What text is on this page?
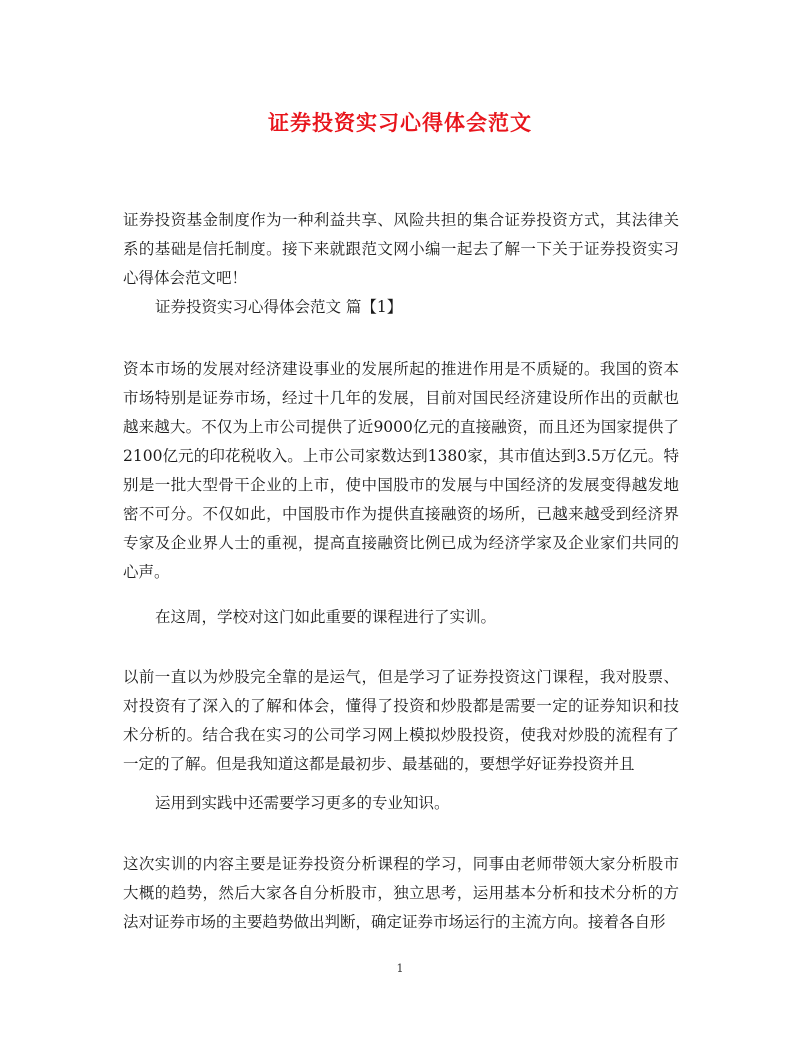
证券投资实习心得体会范文

证券投资基金制度作为一种利益共享、风险共担的集合证券投资方式，其法律关系的基础是信托制度。接下来就跟范文网小编一起去了解一下关于证券投资实习心得体会范文吧！

证券投资实习心得体会范文 篇【1】

资本市场的发展对经济建设事业的发展所起的推进作用是不质疑的。我国的资本市场特别是证券市场，经过十几年的发展，目前对国民经济建设所作出的贡献也越来越大。不仅为上市公司提供了近9000亿元的直接融资，而且还为国家提供了2100亿元的印花税收入。上市公司家数达到1380家，其市值达到3.5万亿元。特别是一批大型骨干企业的上市，使中国股市的发展与中国经济的发展变得越发地密不可分。不仅如此，中国股市作为提供直接融资的场所，已越来越受到经济界专家及企业界人士的重视，提高直接融资比例已成为经济学家及企业家们共同的心声。

在这周，学校对这门如此重要的课程进行了实训。

以前一直以为炒股完全靠的是运气，但是学习了证券投资这门课程，我对股票、对投资有了深入的了解和体会，懂得了投资和炒股都是需要一定的证券知识和技术分析的。结合我在实习的公司学习网上模拟炒股投资，使我对炒股的流程有了一定的了解。但是我知道这都是最初步、最基础的，要想学好证券投资并且

运用到实践中还需要学习更多的专业知识。

这次实训的内容主要是证券投资分析课程的学习，同事由老师带领大家分析股市大概的趋势，然后大家各自分析股市，独立思考，运用基本分析和技术分析的方法对证券市场的主要趋势做出判断，确定证券市场运行的主流方向。接着各自形

1
